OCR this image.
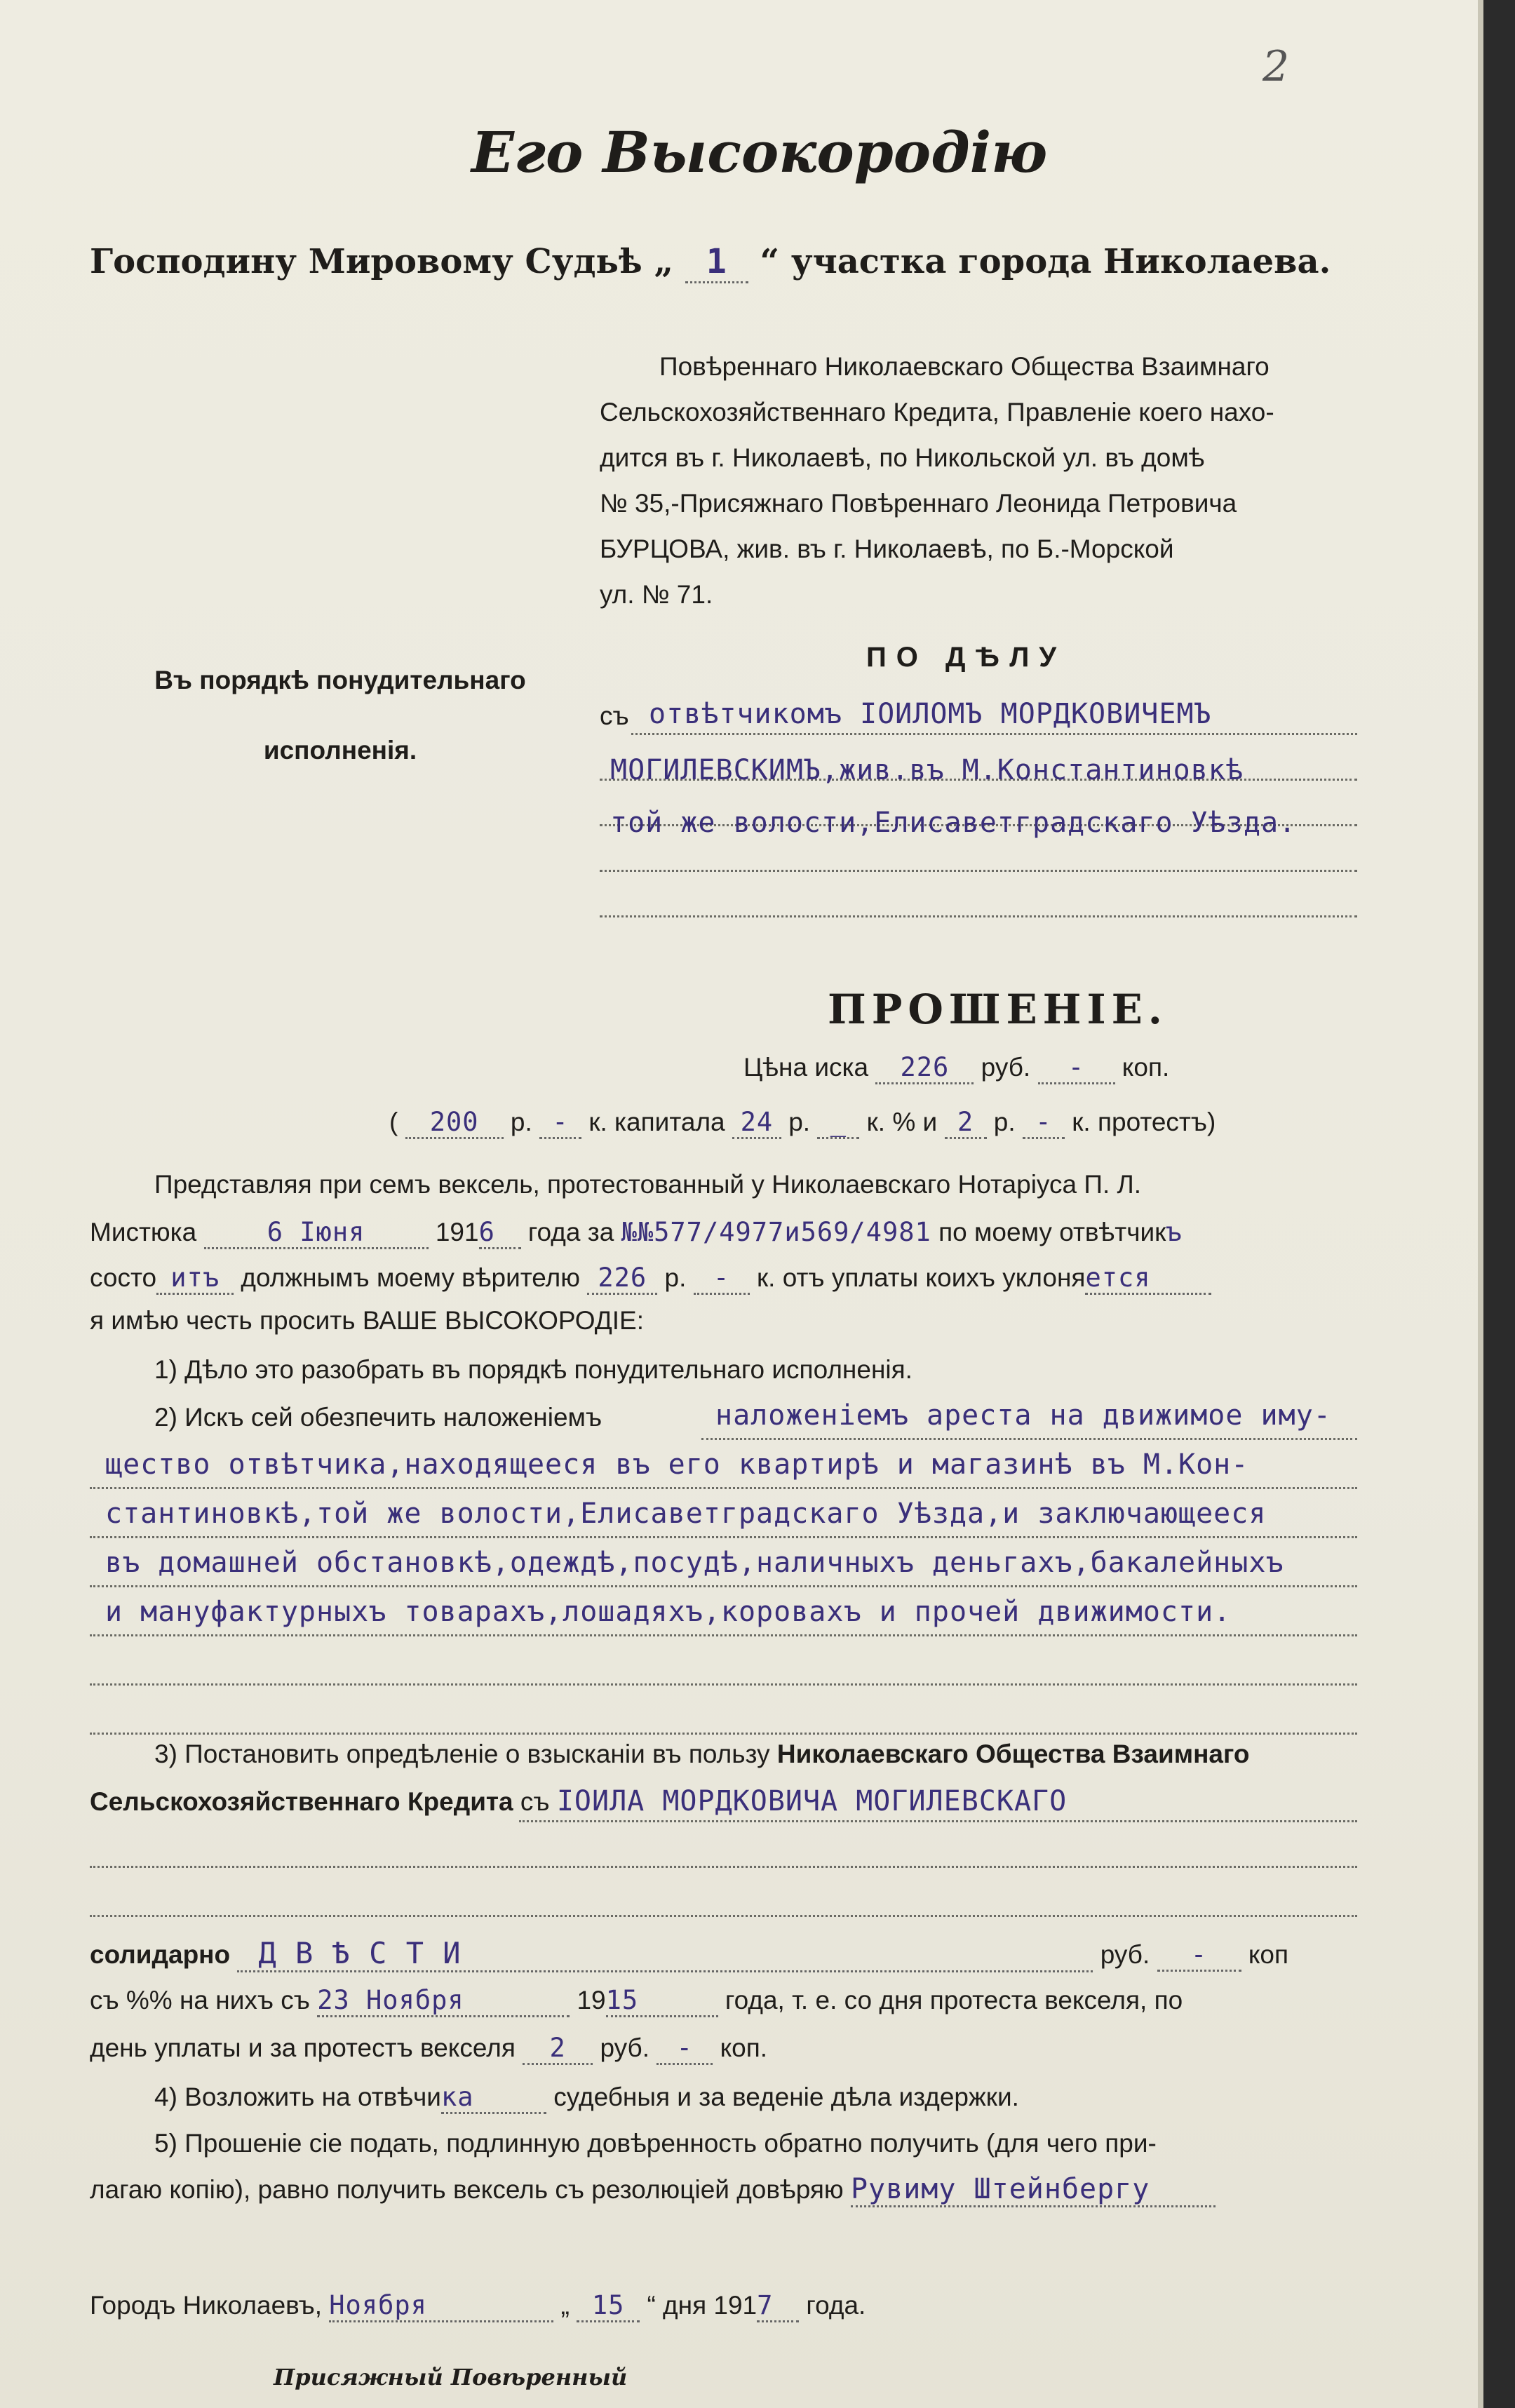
2
Его Высокородію
Господину Мировому Судьѣ „ 1 “ участка города Николаева.
Повѣреннаго Николаевскаго Общества Взаимнаго
Сельскохозяйственнаго Кредита, Правленіе коего нахо-
дится въ г. Николаевѣ, по Никольской ул. въ домѣ
№ 35,-Присяжнаго Повѣреннаго Леонида Петровича
БУРЦОВА, жив. въ г. Николаевѣ, по Б.-Морской
ул. № 71.
Въ порядкѣ понудительнаго
исполненія.
ПО ДѢЛУ
съ отвѣтчикомъ ІОИЛОМЪ МОРДКОВИЧЕМЪ
МОГИЛЕВСКИМЪ,жив.въ М.Константиновкѣ
той же волости,Елисаветградскаго Уѣзда.
ПРОШЕНІЕ.
Цѣна иска 226 руб. - коп.
( 200 р. - к. капитала 24 р. _ к. % и 2 р. - к. протестъ)
Представляя при семъ вексель, протестованный у Николаевскаго Нотаріуса П. Л.
Мистюка	6 Іюня	1916 года за №№577/4977и569/4981 по моему отвѣтчикъ
состо итъ должнымъ моему вѣрителю 226 р. - к. отъ уплаты коихъ уклоняется
я имѣю честь просить ВАШЕ ВЫСОКОРОДІЕ:
1) Дѣло это разобрать въ порядкѣ понудительнаго исполненія.
2) Искъ сей обезпечить наложеніемъ	наложеніемъ ареста на движимое иму-
щество отвѣтчика,находящееся въ его квартирѣ и магазинѣ въ М.Кон-
стантиновкѣ,той же волости,Елисаветградскаго Уѣзда,и заключающееся
въ домашней обстановкѣ,одеждѣ,посудѣ,наличныхъ деньгахъ,бакалейныхъ
и мануфактурныхъ товарахъ,лошадяхъ,коровахъ и прочей движимости.
3) Постановить опредѣленіе о взысканіи въ пользу Николаевскаго Общества Взаимнаго
Сельскохозяйственнаго Кредита съ ІОИЛА МОРДКОВИЧА МОГИЛЕВСКАГО
солидарно Д В Ѣ С Т И	руб. - коп
съ %% на нихъ съ 23 Ноября	1915	года, т. е. со дня протеста векселя, по
день уплаты и за протестъ векселя 2 руб. - коп.
4) Возложить на отвѣчика	судебныя и за веденіе дѣла издержки.
5) Прошеніе сіе подать, подлинную довѣренность обратно получить (для чего при-
лагаю копію), равно получить вексель съ резолюціей довѣряю Рувиму Штейнбергу
Городъ Николаевъ, Ноября	„ 15 “ дня 1917 года.
Присяжный Повѣренный
